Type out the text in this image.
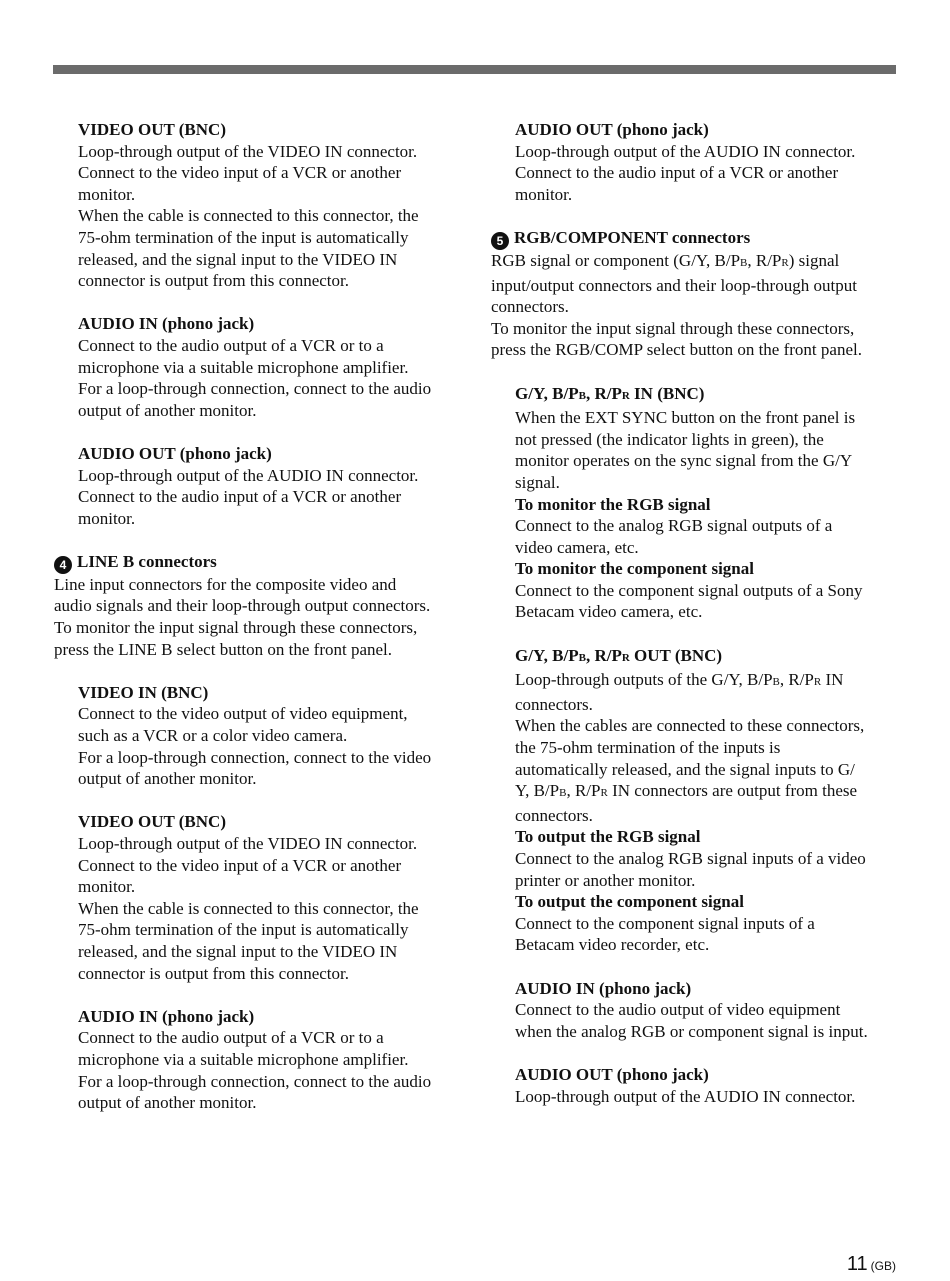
VIDEO OUT (BNC)
Loop-through output of the VIDEO IN connector.
Connect to the video input of a VCR or another
monitor.
When the cable is connected to this connector, the
75-ohm termination of the input is automatically
released, and the signal input to the VIDEO IN
connector is output from this connector.
AUDIO IN (phono jack)
Connect to the audio output of a VCR or to a
microphone via a suitable microphone amplifier.
For a loop-through connection, connect to the audio
output of another monitor.
AUDIO OUT (phono jack)
Loop-through output of the AUDIO IN connector.
Connect to the audio input of a VCR or another
monitor.
4 LINE B connectors
Line input connectors for the composite video and
audio signals and their loop-through output connectors.
To monitor the input signal through these connectors,
press the LINE B select button on the front panel.
VIDEO IN (BNC)
Connect to the video output of video equipment,
such as a VCR or a color video camera.
For a loop-through connection, connect to the video
output of another monitor.
VIDEO OUT (BNC)
Loop-through output of the VIDEO IN connector.
Connect to the video input of a VCR or another
monitor.
When the cable is connected to this connector, the
75-ohm termination of the input is automatically
released, and the signal input to the VIDEO IN
connector is output from this connector.
AUDIO IN (phono jack)
Connect to the audio output of a VCR or to a
microphone via a suitable microphone amplifier.
For a loop-through connection, connect to the audio
output of another monitor.
AUDIO OUT (phono jack)
Loop-through output of the AUDIO IN connector.
Connect to the audio input of a VCR or another
monitor.
5 RGB/COMPONENT connectors
RGB signal or component (G/Y, B/PB, R/PR) signal
input/output connectors and their loop-through output
connectors.
To monitor the input signal through these connectors,
press the RGB/COMP select button on the front panel.
G/Y, B/PB, R/PR IN (BNC)
When the EXT SYNC button on the front panel is
not pressed (the indicator lights in green), the
monitor operates on the sync signal from the G/Y
signal.
To monitor the RGB signal
Connect to the analog RGB signal outputs of a
video camera, etc.
To monitor the component signal
Connect to the component signal outputs of a Sony
Betacam video camera, etc.
G/Y, B/PB, R/PR OUT (BNC)
Loop-through outputs of the G/Y, B/PB, R/PR IN
connectors.
When the cables are connected to these connectors,
the 75-ohm termination of the inputs is
automatically released, and the signal inputs to G/
Y, B/PB, R/PR IN connectors are output from these
connectors.
To output the RGB signal
Connect to the analog RGB signal inputs of a video
printer or another monitor.
To output the component signal
Connect to the component signal inputs of a
Betacam video recorder, etc.
AUDIO IN (phono jack)
Connect to the audio output of video equipment
when the analog RGB or component signal is input.
AUDIO OUT (phono jack)
Loop-through output of the AUDIO IN connector.
11 (GB)
